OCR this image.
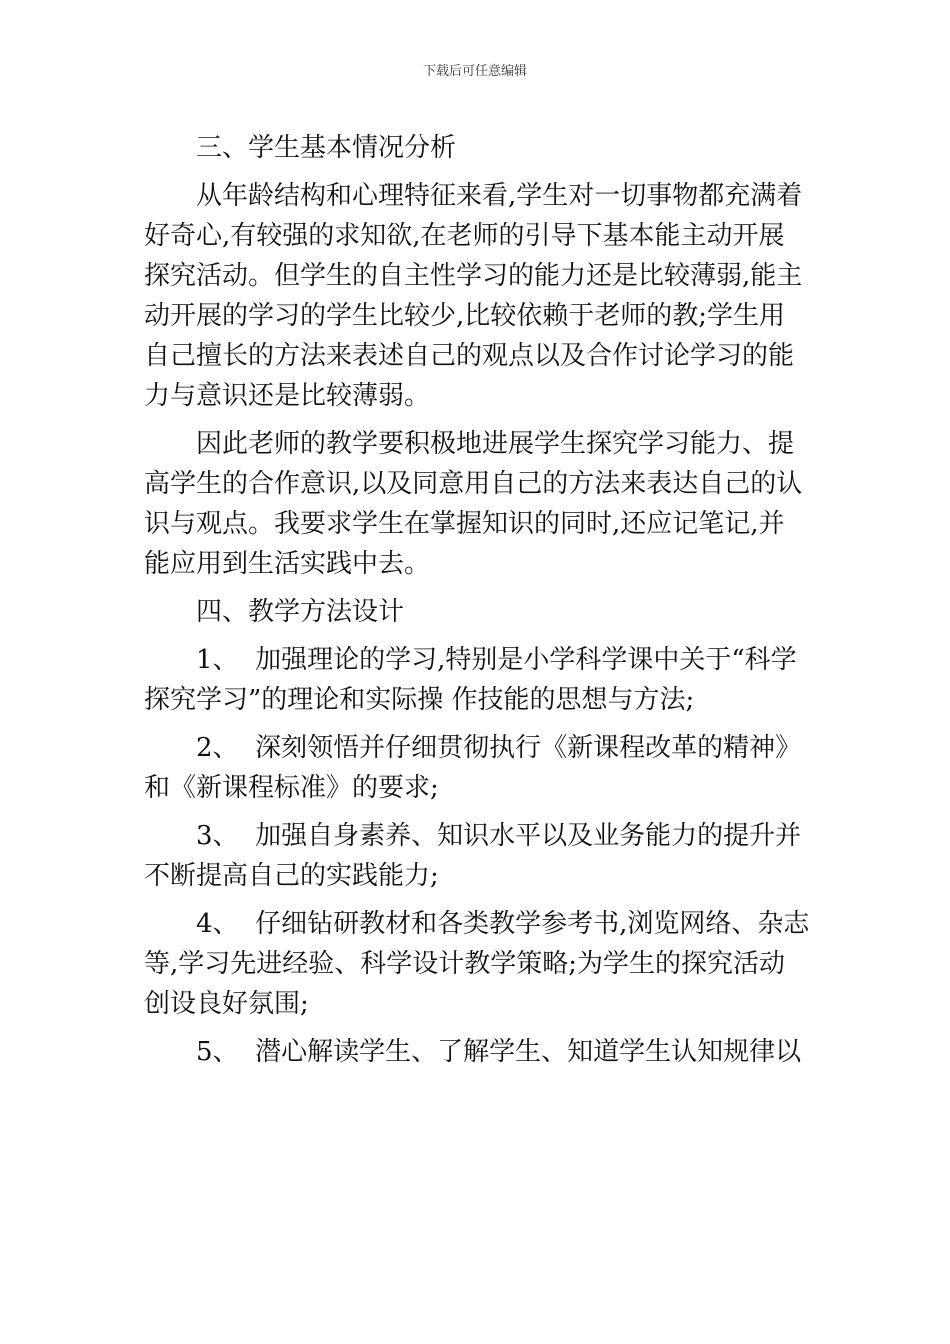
下载后可任意编辑
三、学生基本情况分析
从年龄结构和心理特征来看,学生对一切事物都充满着
好奇心,有较强的求知欲,在老师的引导下基本能主动开展
探究活动。但学生的自主性学习的能力还是比较薄弱,能主
动开展的学习的学生比较少,比较依赖于老师的教;学生用
自己擅长的方法来表述自己的观点以及合作讨论学习的能
力与意识还是比较薄弱。
因此老师的教学要积极地进展学生探究学习能力、提
高学生的合作意识,以及同意用自己的方法来表达自己的认
识与观点。我要求学生在掌握知识的同时,还应记笔记,并
能应用到生活实践中去。
四、教学方法设计
1、  加强理论的学习,特别是小学科学课中关于“科学
探究学习”的理论和实际操 作技能的思想与方法;
2、  深刻领悟并仔细贯彻执行《新课程改革的精神》
和《新课程标准》的要求;
3、  加强自身素养、知识水平以及业务能力的提升并
不断提高自己的实践能力;
4、  仔细钻研教材和各类教学参考书,浏览网络、杂志
等,学习先进经验、科学设计教学策略;为学生的探究活动
创设良好氛围;
5、  潜心解读学生、了解学生、知道学生认知规律以
